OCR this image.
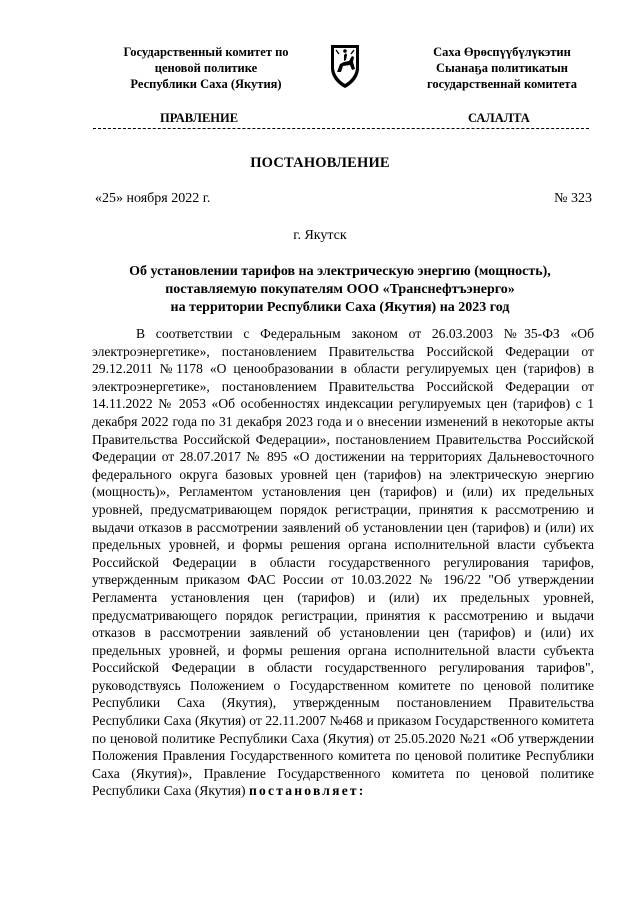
Государственный комитет по
ценовой политике
Республики Саха (Якутия)
Саха Өрөспүүбүлүкэтин
Сыанаҕа политикатын
государственнай комитета
ПРАВЛЕНИЕ	САЛАЛТА
ПОСТАНОВЛЕНИЕ
«25» ноября 2022 г.	№ 323
г. Якутск
Об установлении тарифов на электрическую энергию (мощность),
поставляемую покупателям ООО «Транснефтъэнерго»
на территории Республики Саха (Якутия) на 2023 год

В соответствии с Федеральным законом от 26.03.2003 №35-ФЗ «Об электроэнергетике», постановлением Правительства Российской Федерации от 29.12.2011 №1178 «О ценообразовании в области регулируемых цен (тарифов) в электроэнергетике», постановлением Правительства Российской Федерации от 14.11.2022 № 2053 «Об особенностях индексации регулируемых цен (тарифов) с 1 декабря 2022 года по 31 декабря 2023 года и о внесении изменений в некоторые акты Правительства Российской Федерации», постановлением Правительства Российской Федерации от 28.07.2017 № 895 «О достижении на территориях Дальневосточного федерального округа базовых уровней цен (тарифов) на электрическую энергию (мощность)», Регламентом установления цен (тарифов) и (или) их предельных уровней, предусматривающем порядок регистрации, принятия к рассмотрению и выдачи отказов в рассмотрении заявлений об установлении цен (тарифов) и (или) их предельных уровней, и формы решения органа исполнительной власти субъекта Российской Федерации в области государственного регулирования тарифов, утвержденным приказом ФАС России от 10.03.2022 № 196/22 "Об утверждении Регламента установления цен (тарифов) и (или) их предельных уровней, предусматривающего порядок регистрации, принятия к рассмотрению и выдачи отказов в рассмотрении заявлений об установлении цен (тарифов) и (или) их предельных уровней, и формы решения органа исполнительной власти субъекта Российской Федерации в области государственного регулирования тарифов", руководствуясь Положением о Государственном комитете по ценовой политике Республики Саха (Якутия), утвержденным постановлением Правительства Республики Саха (Якутия) от 22.11.2007 №468 и приказом Государственного комитета по ценовой политике Республики Саха (Якутия) от 25.05.2020 №21 «Об утверждении Положения Правления Государственного комитета по ценовой политике Республики Саха (Якутия)», Правление Государственного комитета по ценовой политике Республики Саха (Якутия) постановляет:
